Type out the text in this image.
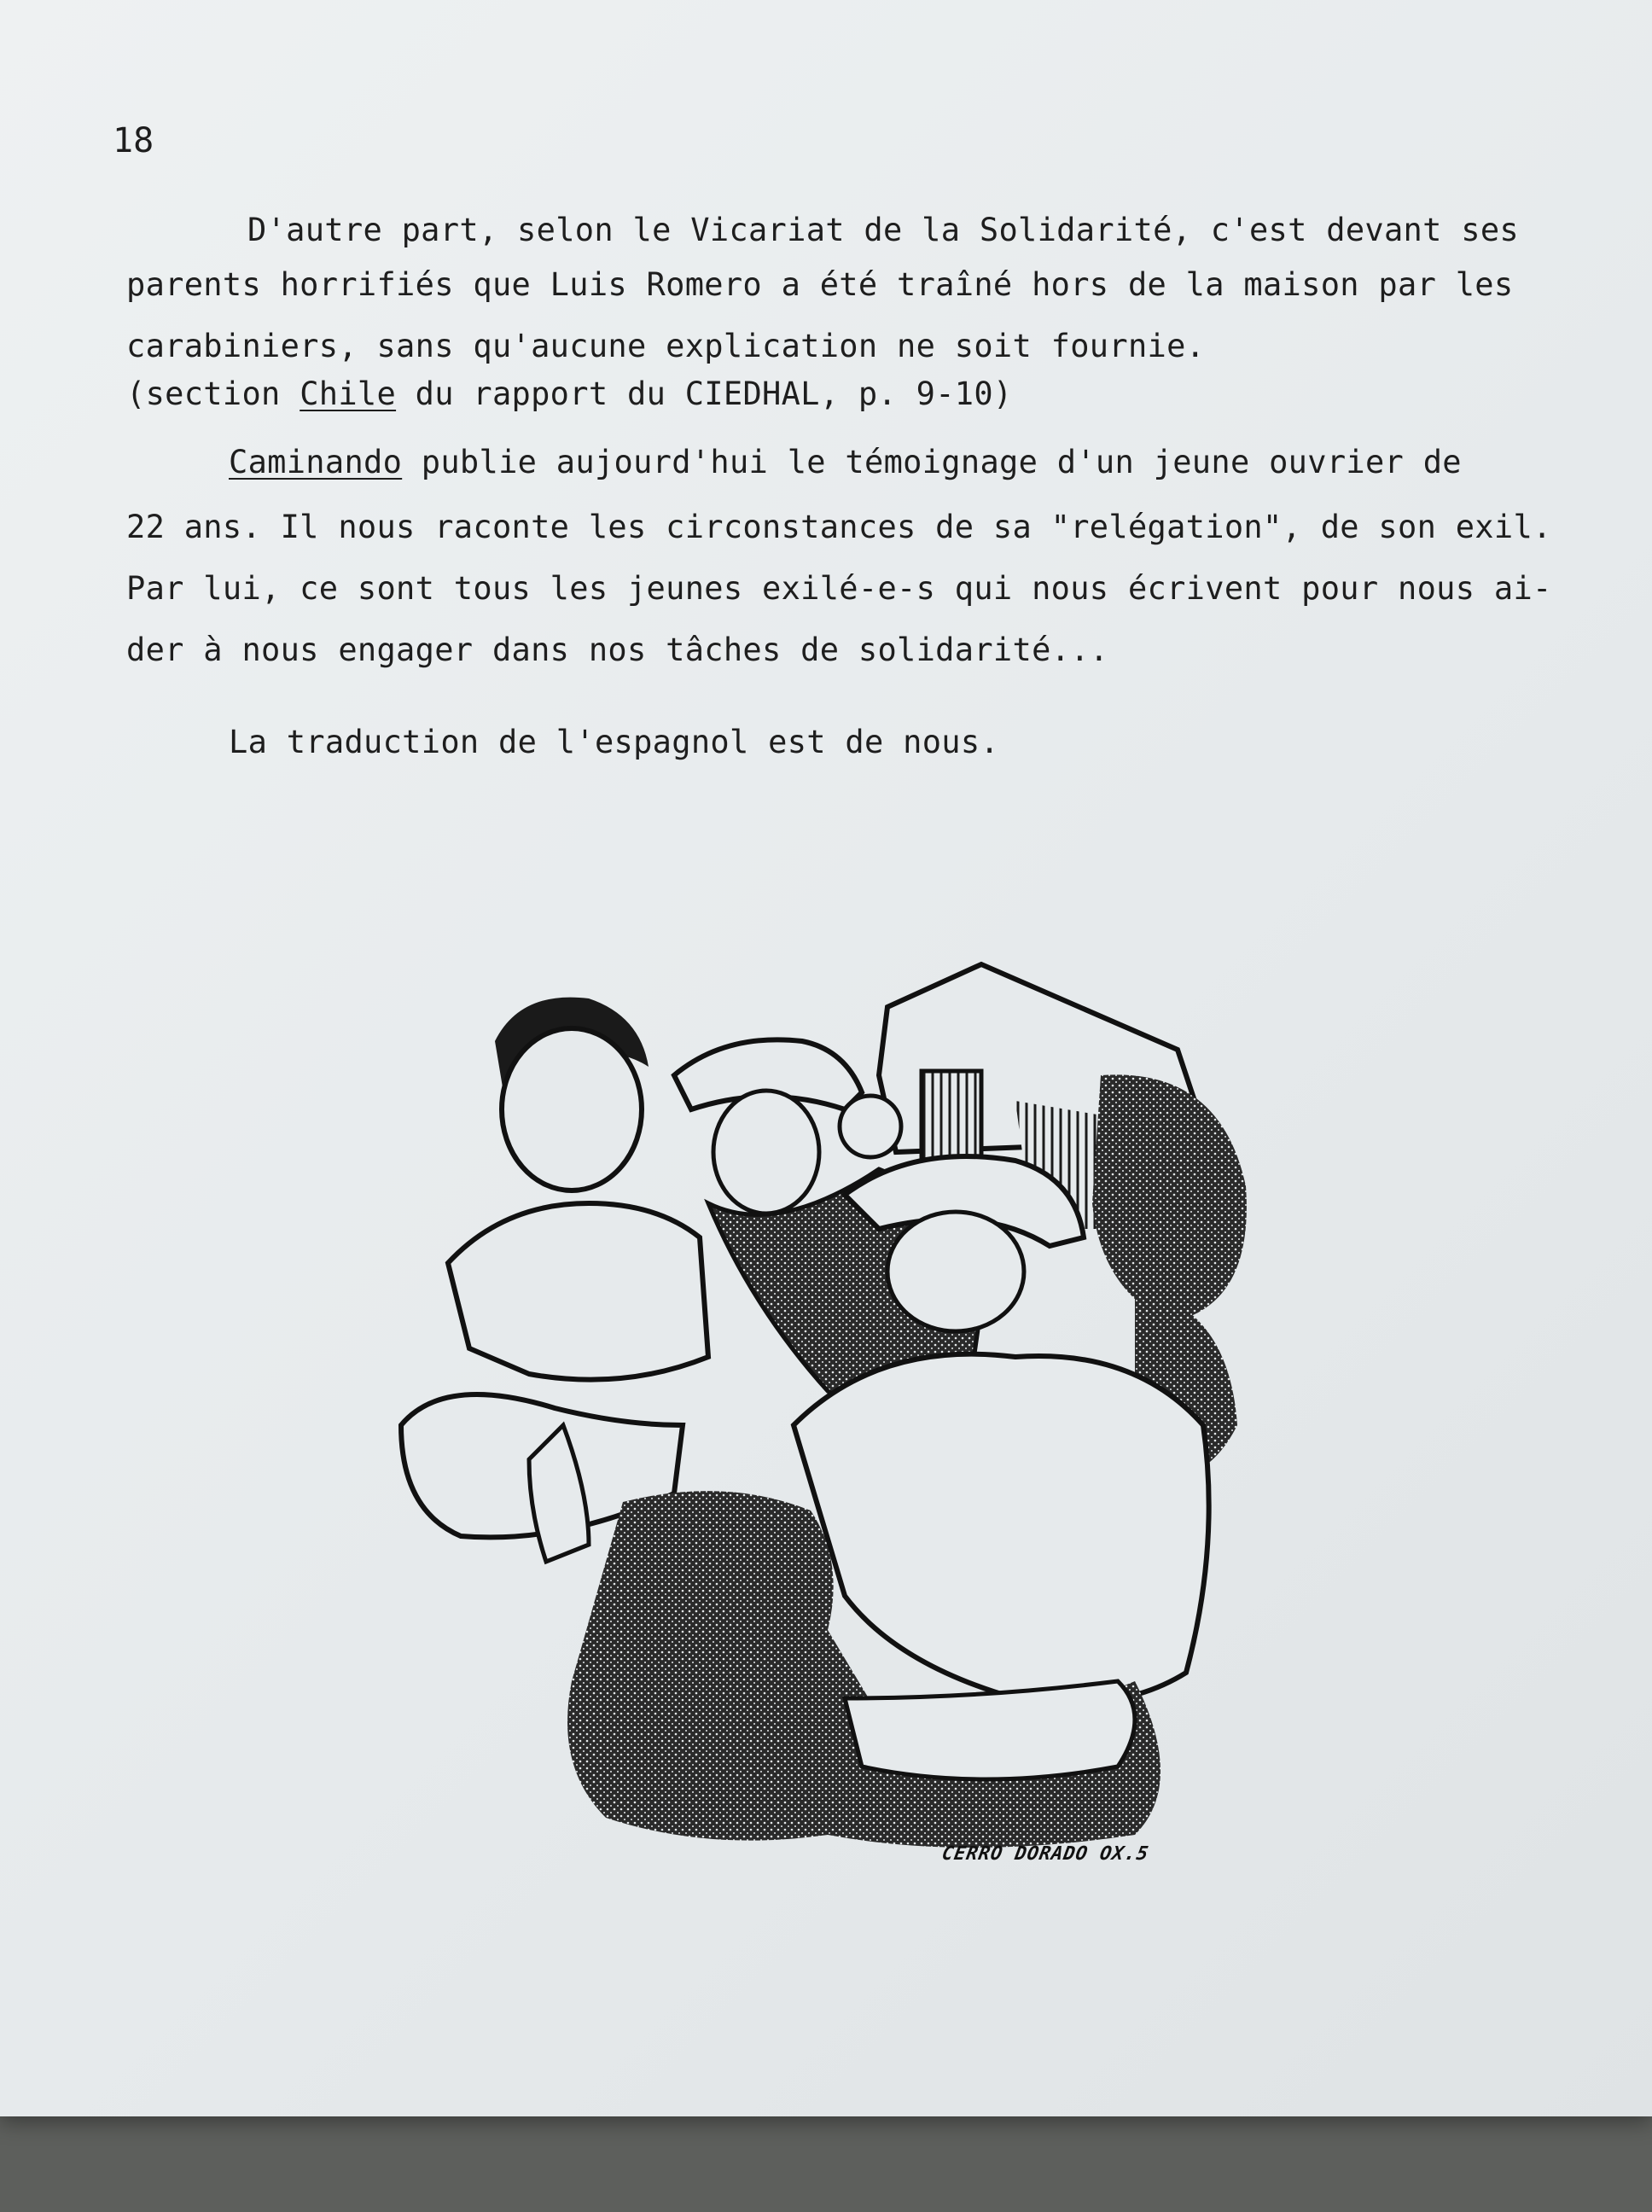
18

D'autre part, selon le Vicariat de la Solidarité, c'est devant ses

parents horrifiés que Luis Romero a été traîné hors de la maison par les

carabiniers, sans qu'aucune explication ne soit fournie.

(section Chile du rapport du CIEDHAL, p. 9-10)

Caminando publie aujourd'hui le témoignage d'un jeune ouvrier de

22 ans. Il nous raconte les circonstances de sa "relégation", de son exil.

Par lui, ce sont tous les jeunes exilé-e-s qui nous écrivent pour nous ai-

der à nous engager dans nos tâches de solidarité...

La traduction de l'espagnol est de nous.

CERRO DORADO OX.5
